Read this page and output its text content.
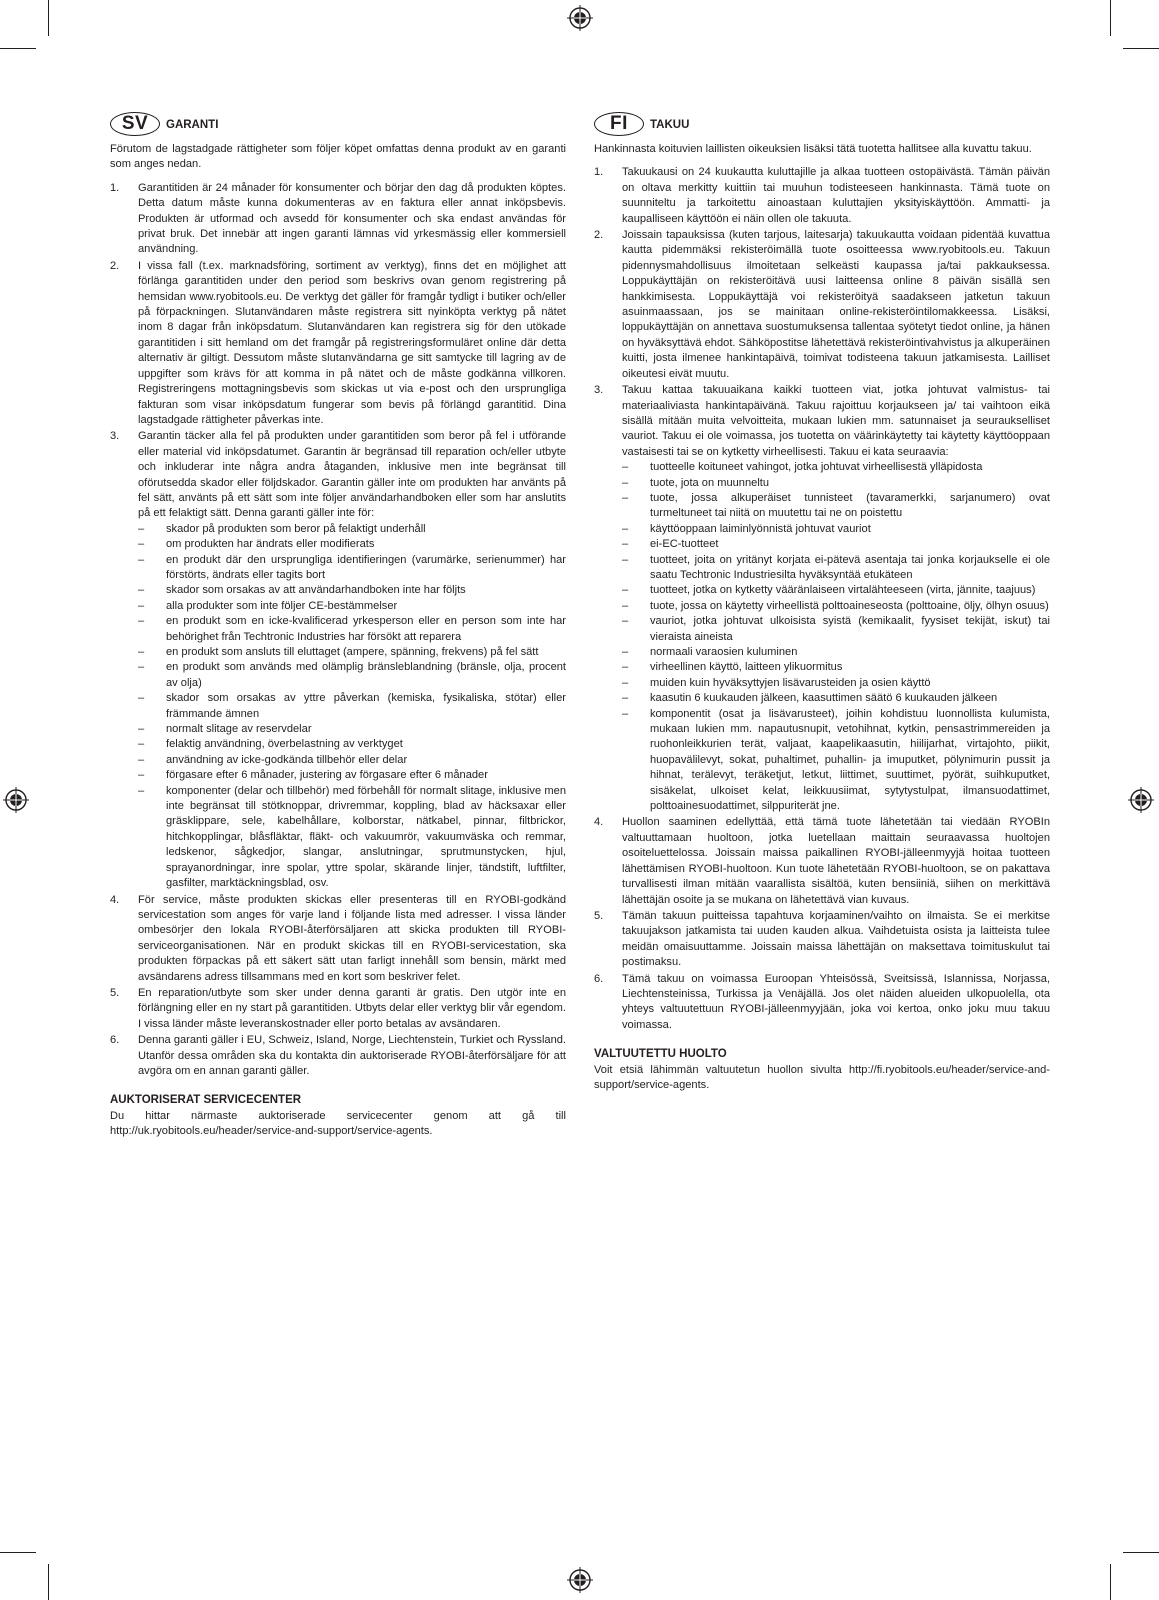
SV	GARANTI

Förutom de lagstadgade rättigheter som följer köpet omfattas denna produkt av en garanti som anges nedan.

1.	Garantitiden är 24 månader för konsumenter och börjar den dag då produkten köptes. Detta datum måste kunna dokumenteras av en faktura eller annat inköpsbevis. Produkten är utformad och avsedd för konsumenter och ska endast användas för privat bruk. Det innebär att ingen garanti lämnas vid yrkesmässig eller kommersiell användning.
2.	I vissa fall (t.ex. marknadsföring, sortiment av verktyg), finns det en möjlighet att förlänga garantitiden under den period som beskrivs ovan genom registrering på hemsidan www.ryobitools.eu. De verktyg det gäller för framgår tydligt i butiker och/eller på förpackningen. Slutanvändaren måste registrera sitt nyinköpta verktyg på nätet inom 8 dagar från inköpsdatum. Slutanvändaren kan registrera sig för den utökade garantitiden i sitt hemland om det framgår på registreringsformuläret online där detta alternativ är giltigt. Dessutom måste slutanvändarna ge sitt samtycke till lagring av de uppgifter som krävs för att komma in på nätet och de måste godkänna villkoren. Registreringens mottagningsbevis som skickas ut via e-post och den ursprungliga fakturan som visar inköpsdatum fungerar som bevis på förlängd garantitid. Dina lagstadgade rättigheter påverkas inte.
3.	Garantin täcker alla fel på produkten under garantitiden som beror på fel i utförande eller material vid inköpsdatumet. Garantin är begränsad till reparation och/eller utbyte och inkluderar inte några andra åtaganden, inklusive men inte begränsat till oförutsedda skador eller följdskador. Garantin gäller inte om produkten har använts på fel sätt, använts på ett sätt som inte följer användarhandboken eller som har anslutits på ett felaktigt sätt. Denna garanti gäller inte för:
–	skador på produkten som beror på felaktigt underhåll
–	om produkten har ändrats eller modifierats
–	en produkt där den ursprungliga identifieringen (varumärke, serienummer) har förstörts, ändrats eller tagits bort
–	skador som orsakas av att användarhandboken inte har följts
–	alla produkter som inte följer CE-bestämmelser
–	en produkt som en icke-kvalificerad yrkesperson eller en person som inte har behörighet från Techtronic Industries har försökt att reparera
–	en produkt som ansluts till eluttaget (ampere, spänning, frekvens) på fel sätt
–	en produkt som används med olämplig bränsleblandning (bränsle, olja, procent av olja)
–	skador som orsakas av yttre påverkan (kemiska, fysikaliska, stötar) eller främmande ämnen
–	normalt slitage av reservdelar
–	felaktig användning, överbelastning av verktyget
–	användning av icke-godkända tillbehör eller delar
–	förgasare efter 6 månader, justering av förgasare efter 6 månader
–	komponenter (delar och tillbehör) med förbehåll för normalt slitage, inklusive men inte begränsat till stötknoppar, drivremmar, koppling, blad av häcksaxar eller gräsklippare, sele, kabelhållare, kolborstar, nätkabel, pinnar, filtbrickor, hitchkopplingar, blåsfläktar, fläkt- och vakuumrör, vakuumväska och remmar, ledskenor, sågkedjor, slangar, anslutningar, sprutmunstycken, hjul, sprayanordningar, inre spolar, yttre spolar, skärande linjer, tändstift, luftfilter, gasfilter, marktäckningsblad, osv.
4.	För service, måste produkten skickas eller presenteras till en RYOBI-godkänd servicestation som anges för varje land i följande lista med adresser. I vissa länder ombesörjer den lokala RYOBI-återförsäljaren att skicka produkten till RYOBI-serviceorganisationen. När en produkt skickas till en RYOBI-servicestation, ska produkten förpackas på ett säkert sätt utan farligt innehåll som bensin, märkt med avsändarens adress tillsammans med en kort som beskriver felet.
5.	En reparation/utbyte som sker under denna garanti är gratis. Den utgör inte en förlängning eller en ny start på garantitiden. Utbyts delar eller verktyg blir vår egendom. I vissa länder måste leveranskostnader eller porto betalas av avsändaren.
6.	Denna garanti gäller i EU, Schweiz, Island, Norge, Liechtenstein, Turkiet och Ryssland. Utanför dessa områden ska du kontakta din auktoriserade RYOBI-återförsäljare för att avgöra om en annan garanti gäller.
AUKTORISERAT SERVICECENTER

Du hittar närmaste auktoriserade servicecenter genom att gå till http://uk.ryobitools.eu/header/service-and-support/service-agents.

FI	TAKUU

Hankinnasta koituvien laillisten oikeuksien lisäksi tätä tuotetta hallitsee alla kuvattu takuu.

1.	Takuukausi on 24 kuukautta kuluttajille ja alkaa tuotteen ostopäivästä. Tämän päivän on oltava merkitty kuittiin tai muuhun todisteeseen hankinnasta. Tämä tuote on suunniteltu ja tarkoitettu ainoastaan kuluttajien yksityiskäyttöön. Ammatti- ja kaupalliseen käyttöön ei näin ollen ole takuuta.
2.	Joissain tapauksissa (kuten tarjous, laitesarja) takuukautta voidaan pidentää kuvattua kautta pidemmäksi rekisteröimällä tuote osoitteessa www.ryobitools.eu. Takuun pidennysmahdollisuus ilmoitetaan selkeästi kaupassa ja/tai pakkauksessa. Loppukäyttäjän on rekisteröitävä uusi laitteensa online 8 päivän sisällä sen hankkimisesta. Loppukäyttäjä voi rekisteröityä saadakseen jatketun takuun asuinmaassaan, jos se mainitaan online-rekisteröintilomakkeessa. Lisäksi, loppukäyttäjän on annettava suostumuksensa tallentaa syötetyt tiedot online, ja hänen on hyväksyttävä ehdot. Sähköpostitse lähetettävä rekisteröintivahvistus ja alkuperäinen kuitti, josta ilmenee hankintapäivä, toimivat todisteena takuun jatkamisesta. Lailliset oikeutesi eivät muutu.
3.	Takuu kattaa takuuaikana kaikki tuotteen viat, jotka johtuvat valmistus- tai materiaaliviasta hankintapäivänä. Takuu rajoittuu korjaukseen ja/ tai vaihtoon eikä sisällä mitään muita velvoitteita, mukaan lukien mm. satunnaiset ja seuraukselliset vauriot. Takuu ei ole voimassa, jos tuotetta on väärinkäytetty tai käytetty käyttöoppaan vastaisesti tai se on kytketty virheellisesti. Takuu ei kata seuraavia:
–	tuotteelle koituneet vahingot, jotka johtuvat virheellisestä ylläpidosta
–	tuote, jota on muunneltu
–	tuote, jossa alkuperäiset tunnisteet (tavaramerkki, sarjanumero) ovat turmeltuneet tai niitä on muutettu tai ne on poistettu
–	käyttöoppaan laiminlyönnistä johtuvat vauriot
–	ei-EC-tuotteet
–	tuotteet, joita on yritänyt korjata ei-pätevä asentaja tai jonka korjaukselle ei ole saatu Techtronic Industriesilta hyväksyntää etukäteen
–	tuotteet, jotka on kytketty vääränlaiseen virtalähteeseen (virta, jännite, taajuus)
–	tuote, jossa on käytetty virheellistä polttoaineseosta (polttoaine, öljy, ölhyn osuus)
–	vauriot, jotka johtuvat ulkoisista syistä (kemikaalit, fyysiset tekijät, iskut) tai vieraista aineista
–	normaali varaosien kuluminen
–	virheellinen käyttö, laitteen ylikuormitus
–	muiden kuin hyväksyttyjen lisävarusteiden ja osien käyttö
–	kaasutin 6 kuukauden jälkeen, kaasuttimen säätö 6 kuukauden jälkeen
–	komponentit (osat ja lisävarusteet), joihin kohdistuu luonnollista kulumista, mukaan lukien mm. napautusnupit, vetohihnat, kytkin, pensastrimmereiden ja ruohonleikkurien terät, valjaat, kaapelikaasutin, hiilijarhat, virtajohto, piikit, huopavälilevyt, sokat, puhaltimet, puhallin- ja imuputket, pölynimurin pussit ja hihnat, terälevyt, teräketjut, letkut, liittimet, suuttimet, pyörät, suihkuputket, sisäkelat, ulkoiset kelat, leikkuusiimat, sytytystulpat, ilmansuodattimet, polttoainesuodattimet, silppuriterät jne.
4.	Huollon saaminen edellyttää, että tämä tuote lähetetään tai viedään RYOBIn valtuuttamaan huoltoon, jotka luetellaan maittain seuraavassa huoltojen osoiteluettelossa. Joissain maissa paikallinen RYOBI-jälleenmyyjä hoitaa tuotteen lähettämisen RYOBI-huoltoon. Kun tuote lähetetään RYOBI-huoltoon, se on pakattava turvallisesti ilman mitään vaarallista sisältöä, kuten bensiiniä, siihen on merkittävä lähettäjän osoite ja se mukana on lähetettävä vian kuvaus.
5.	Tämän takuun puitteissa tapahtuva korjaaminen/vaihto on ilmaista. Se ei merkitse takuujakson jatkamista tai uuden kauden alkua. Vaihdetuista osista ja laitteista tulee meidän omaisuuttamme. Joissain maissa lähettäjän on maksettava toimituskulut tai postimaksu.
6.	Tämä takuu on voimassa Euroopan Yhteisössä, Sveitsissä, Islannissa, Norjassa, Liechtensteinissa, Turkissa ja Venäjällä. Jos olet näiden alueiden ulkopuolella, ota yhteys valtuutettuun RYOBI-jälleenmyyjään, joka voi kertoa, onko joku muu takuu voimassa.
VALTUUTETTU HUOLTO

Voit etsiä lähimmän valtuutetun huollon sivulta http://fi.ryobitools.eu/header/service-and-support/service-agents.
